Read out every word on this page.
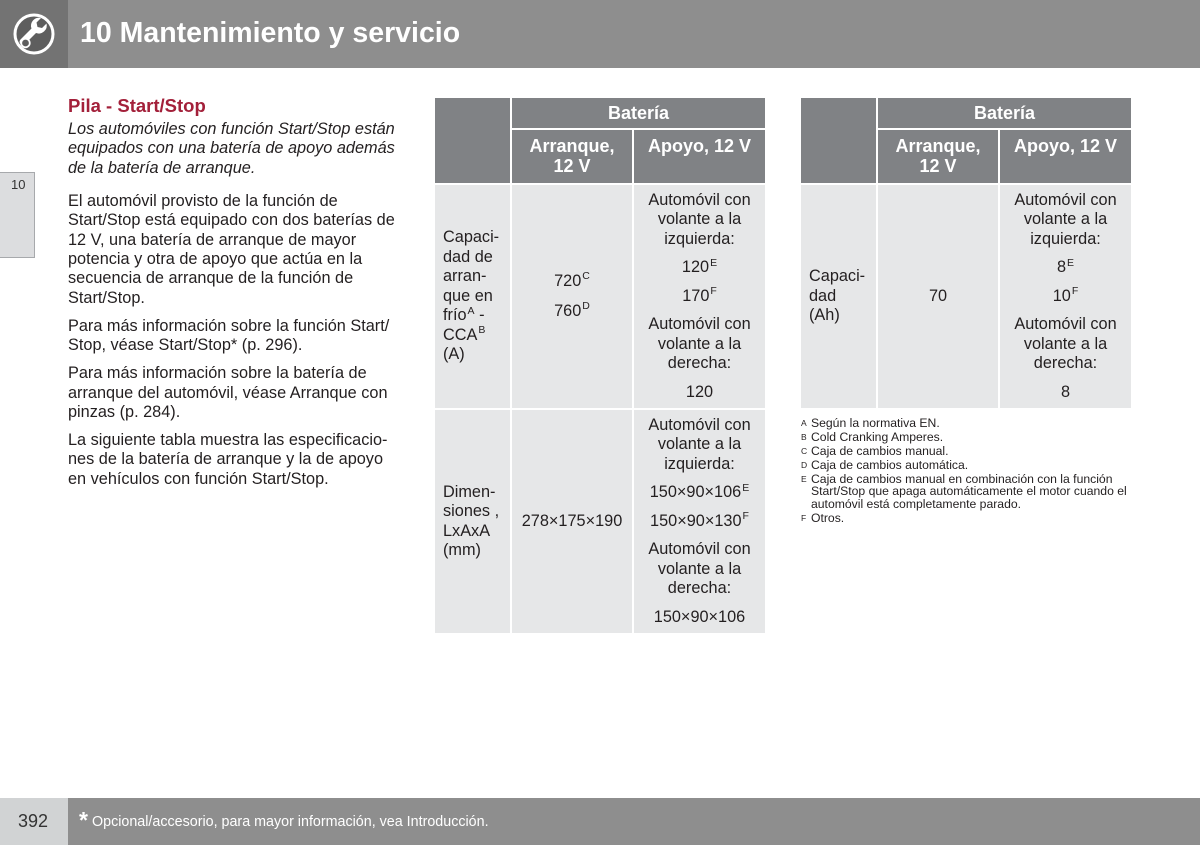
10 Mantenimiento y servicio
10
Pila - Start/Stop
Los automóviles con función Start/Stop están
equipados con una batería de apoyo además
de la batería de arranque.
El automóvil provisto de la función de
Start/Stop está equipado con dos baterías de
12 V, una batería de arranque de mayor
potencia y otra de apoyo que actúa en la
secuencia de arranque de la función de
Start/Stop.
Para más información sobre la función Start/
Stop, véase Start/Stop* (p. 296).
Para más información sobre la batería de
arranque del automóvil, véase Arranque con
pinzas (p. 284).
La siguiente tabla muestra las especificacio-
nes de la batería de arranque y la de apoyo
en vehículos con función Start/Stop.
Batería
Arranque,
12 V
Apoyo, 12 V
Capaci-
dad de
arran-
que en
frío$^A$ -
$CCA^B$
(A)
$720^C$
$760^D$
Automóvil con
volante a la
izquierda:
$120^E$
$170^F$
Automóvil con
volante a la
derecha:
120
Dimen-
siones ,
LxAxA
(mm)
278×175×190
Automóvil con
volante a la
izquierda:
$150\times 90\times 106^E$
$150\times 90\times 130^F$
Automóvil con
volante a la
derecha:
150×90×106
Batería
Arranque,
12 V
Apoyo, 12 V
Capaci-
dad
(Ah)
70
Automóvil con
volante a la
izquierda:
$8^E$
$10^F$
Automóvil con
volante a la
derecha:
8
A Según la normativa EN.
B Cold Cranking Amperes.
C Caja de cambios manual.
D Caja de cambios automática.
E Caja de cambios manual en combinación con la función
Start/Stop que apaga automáticamente el motor cuando el
automóvil está completamente parado.
F Otros.
392	* Opcional/accesorio, para mayor información, vea Introducción.
